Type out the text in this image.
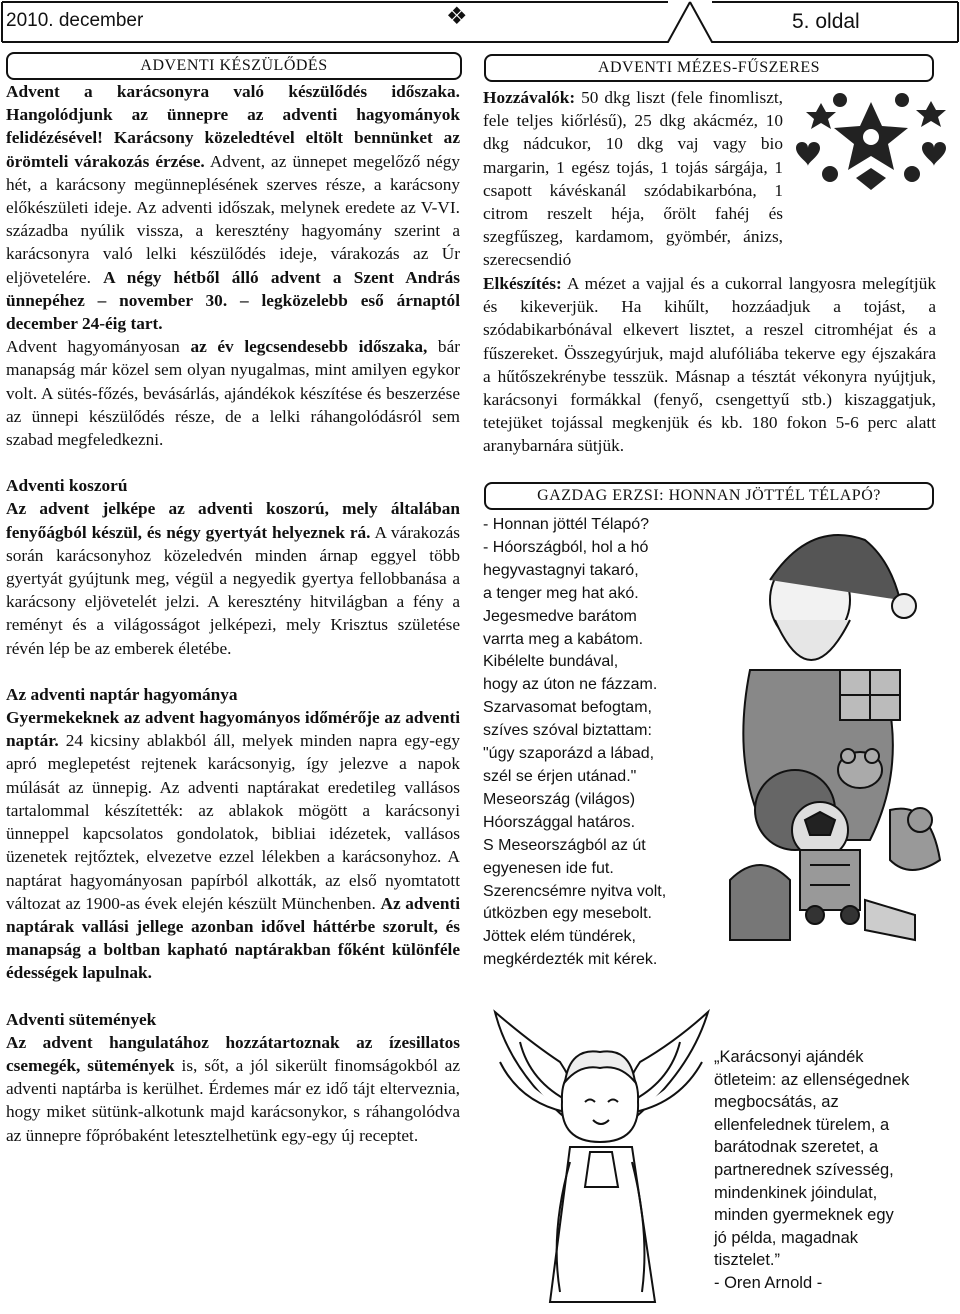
2010. december	❖	5. oldal
ADVENTI KÉSZÜLŐDÉS

Advent a karácsonyra való készülődés időszaka. Hangolódjunk az ünnepre az adventi hagyományok felidézésével! Karácsony közeledtével eltölt bennünket az örömteli várakozás érzése. Advent, az ünnepet megelőző négy hét, a karácsony megünneplésének szerves része, a karácsony előkészületi ideje. Az adventi időszak, melynek eredete az V-VI. századba nyúlik vissza, a keresztény hagyomány szerint a karácsonyra való lelki készülődés ideje, várakozás az Úr eljövetelére. A négy hétből álló advent a Szent András ünnepéhez – november 30. – legközelebb eső árnaptól december 24-éig tart.

Advent hagyományosan az év legcsendesebb időszaka, bár manapság már közel sem olyan nyugalmas, mint amilyen egykor volt. A sütés-főzés, bevásárlás, ajándékok készítése és beszerzése az ünnepi készülődés része, de a lelki ráhangolódásról sem szabad megfeledkezni.

Adventi koszorú

Az advent jelképe az adventi koszorú, mely általában fenyőágból készül, és négy gyertyát helyeznek rá. A várakozás során karácsonyhoz közeledvén minden árnap eggyel több gyertyát gyújtunk meg, végül a negyedik gyertya fellobbanása a karácsony eljövetelét jelzi. A keresztény hitvilágban a fény a reményt és a világosságot jelképezi, mely Krisztus születése révén lép be az emberek életébe.

Az adventi naptár hagyománya

Gyermekeknek az advent hagyományos időmérője az adventi naptár. 24 kicsiny ablakból áll, melyek minden napra egy-egy apró meglepetést rejtenek karácsonyig, így jelezve a napok múlását az ünnepig. Az adventi naptárakat eredetileg vallásos tartalommal készítették: az ablakok mögött a karácsonyi ünneppel kapcsolatos gondolatok, bibliai idézetek, vallásos üzenetek rejtőztek, elvezetve ezzel lélekben a karácsonyhoz. A naptárat hagyományosan papírból alkották, az első nyomtatott változat az 1900-as évek elején készült Münchenben. Az adventi naptárak vallási jellege azonban idővel háttérbe szorult, és manapság a boltban kapható naptárakban főként különféle édességek lapulnak.

Adventi sütemények

Az advent hangulatához hozzátartoznak az ízesillatos csemegék, sütemények is, sőt, a jól sikerült finomságokból az adventi naptárba is kerülhet. Érdemes már ez idő tájt elterveznia, hogy miket sütünk-alkotunk majd karácsonykor, s ráhangolódva az ünnepre főpróbaként letesztelhetünk egy-egy új receptet.

ADVENTI MÉZES-FŰSZERES

Hozzávalók: 50 dkg liszt (fele finomliszt, fele teljes kiőrlésű), 25 dkg akácméz, 10 dkg nádcukor, 10 dkg vaj vagy bio margarin, 1 egész tojás, 1 tojás sárgája, 1 csapott kávéskanál szódabikarbóna, 1 citrom reszelt héja, őrölt fahéj és szegfűszeg, kardamom, gyömbér, ánizs, szerecsendió

Elkészítés: A mézet a vajjal és a cukorral langyosra melegítjük és kikeverjük. Ha kihűlt, hozzáadjuk a tojást, a szódabikarbónával elkevert lisztet, a reszel citromhéjat és a fűszereket. Összegyúrjuk, majd alufóliába tekerve egy éjszakára a hűtőszekrénybe tesszük. Másnap a tésztát vékonyra nyújtjuk, karácsonyi formákkal (fenyő, csengettyű stb.) kiszaggatjuk, tetejüket tojással megkenjük és kb. 180 fokon 5-6 perc alatt aranybarnára sütjük.

GAZDAG ERZSI: HONNAN JÖTTÉL TÉLAPÓ?
- Honnan jöttél Télapó?
- Hóországból, hol a hó
hegyvastagnyi takaró,
a tenger meg hat akó.
Jegesmedve barátom
varrta meg a kabátom.
Kibélelte bundával,
hogy az úton ne fázzam.
Szarvasomat befogtam,
szíves szóval biztattam:
"úgy szaporázd a lábad,
szél se érjen utánad."
Meseország (világos)
Hóországgal határos.
S Meseországból az út
egyenesen ide fut.
Szerencsémre nyitva volt,
útközben egy mesebolt.
Jöttek elém tündérek,
megkérdezték mit kérek.
„Karácsonyi ajándék
ötleteim: az ellenségednek
megbocsátás, az
ellenfelednek türelem, a
barátodnak szeretet, a
partnerednek szívesség,
mindenkinek jóindulat,
minden gyermeknek egy
jó példa, magadnak
tisztelet.”
- Oren Arnold -
